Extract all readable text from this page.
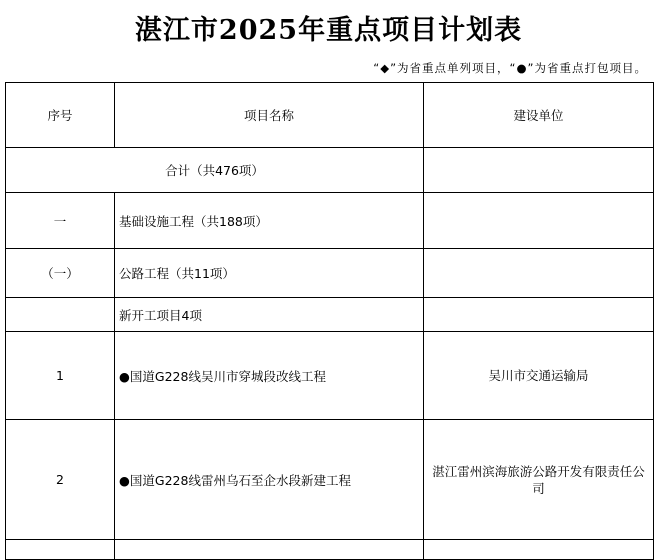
湛江市2025年重点项目计划表
“◆”为省重点单列项目，“●”为省重点打包项目。
序号	项目名称	建设单位
合计（共476项）		
一	基础设施工程（共188项）	
（一）	公路工程（共11项）	
	新开工项目4项	
1	●国道G228线吴川市穿城段改线工程	吴川市交通运输局
2	●国道G228线雷州乌石至企水段新建工程	湛江雷州滨海旅游公路开发有限责任公司
